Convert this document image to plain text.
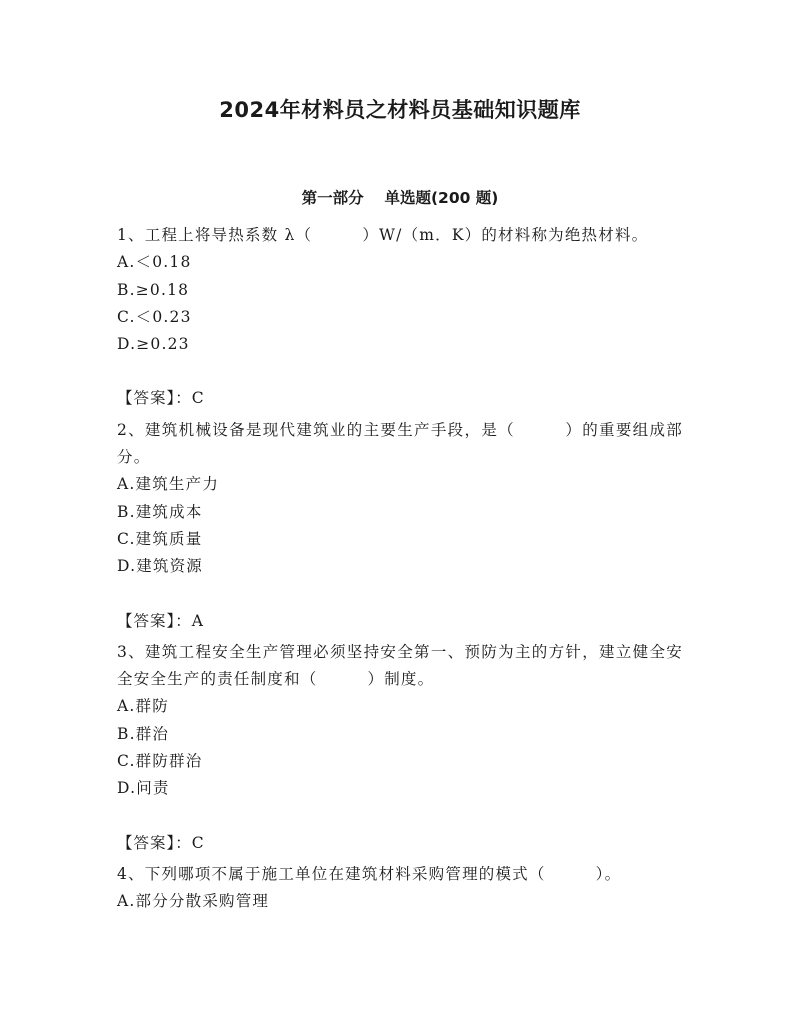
2024年材料员之材料员基础知识题库
第一部分　 单选题(200 题)

1、工程上将导热系数 λ（　　　）W/（m．K）的材料称为绝热材料。

A.＜0.18

B.≥0.18

C.＜0.23

D.≥0.23

【答案】：C

2、建筑机械设备是现代建筑业的主要生产手段，是（　　　）的重要组成部分。

A.建筑生产力

B.建筑成本

C.建筑质量

D.建筑资源

【答案】：A

3、建筑工程安全生产管理必须坚持安全第一、预防为主的方针，建立健全安全安全生产的责任制度和（　　　）制度。

A.群防

B.群治

C.群防群治

D.问责

【答案】：C

4、下列哪项不属于施工单位在建筑材料采购管理的模式（　　　）。

A.部分分散采购管理
